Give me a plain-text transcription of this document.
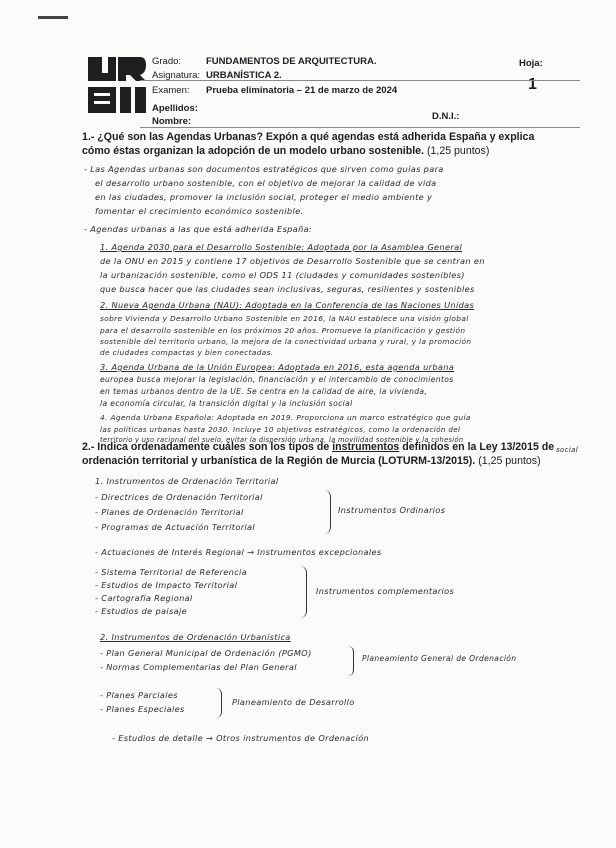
Grado:	FUNDAMENTOS DE ARQUITECTURA.
Asignatura: URBANÍSTICA 2.
Examen: Prueba eliminatoria – 21 de marzo de 2024
Hoja:
1
Apellidos:
Nombre:	D.N.I.:
1.- ¿Qué son las Agendas Urbanas? Expón a qué agendas está adherida España y explica cómo éstas organizan la adopción de un modelo urbano sostenible. (1,25 puntos)
- Las Agendas urbanas son documentos estratégicos que sirven como guías para
el desarrollo urbano sostenible, con el objetivo de mejorar la calidad de vida
en las ciudades, promover la inclusión social, proteger el medio ambiente y
fomentar el crecimiento económico sostenible.
- Agendas urbanas a las que está adherida España:
1. Agenda 2030 para el Desarrollo Sostenible: Adoptada por la Asamblea General
de la ONU en 2015 y contiene 17 objetivos de Desarrollo Sostenible que se centran en
la urbanización sostenible, como el ODS 11 (ciudades y comunidades sostenibles)
que busca hacer que las ciudades sean inclusivas, seguras, resilientes y sostenibles
2. Nueva Agenda Urbana (NAU): Adoptada en la Conferencia de las Naciones Unidas
sobre Vivienda y Desarrollo Urbano Sostenible en 2016, la NAU establece una visión global
para el desarrollo sostenible en los próximos 20 años. Promueve la planificación y gestión
sostenible del territorio urbano, la mejora de la conectividad urbana y rural, y la promoción
de ciudades compactas y bien conectadas.
3. Agenda Urbana de la Unión Europea: Adoptada en 2016, esta agenda urbana
europea busca mejorar la legislación, financiación y el intercambio de conocimientos
en temas urbanos dentro de la UE. Se centra en la calidad de aire, la vivienda,
la economía circular, la transición digital y la inclusión social
4. Agenda Urbana Española: Adoptada en 2019. Proporciona un marco estratégico que guía
las políticas urbanas hasta 2030. Incluye 10 objetivos estratégicos, como la ordenación del
territorio y uso racional del suelo, evitar la dispersión urbana, la movilidad sostenible y la cohesión
social
2.- Indica ordenadamente cuáles son los tipos de instrumentos definidos en la Ley 13/2015 de ordenación territorial y urbanística de la Región de Murcia (LOTURM-13/2015). (1,25 puntos)
1. Instrumentos de Ordenación Territorial
- Directrices de Ordenación Territorial
- Planes de Ordenación Territorial
- Programas de Actuación Territorial
Instrumentos Ordinarios
- Actuaciones de Interés Regional → Instrumentos excepcionales
- Sistema Territorial de Referencia
- Estudios de Impacto Territorial
- Cartografía Regional
- Estudios de paisaje
Instrumentos complementarios
2. Instrumentos de Ordenación Urbanística
- Plan General Municipal de Ordenación (PGMO)
- Normas Complementarias del Plan General
Planeamiento General de Ordenación
- Planes Parciales
- Planes Especiales
Planeamiento de Desarrollo
- Estudios de detalle → Otros instrumentos de Ordenación
